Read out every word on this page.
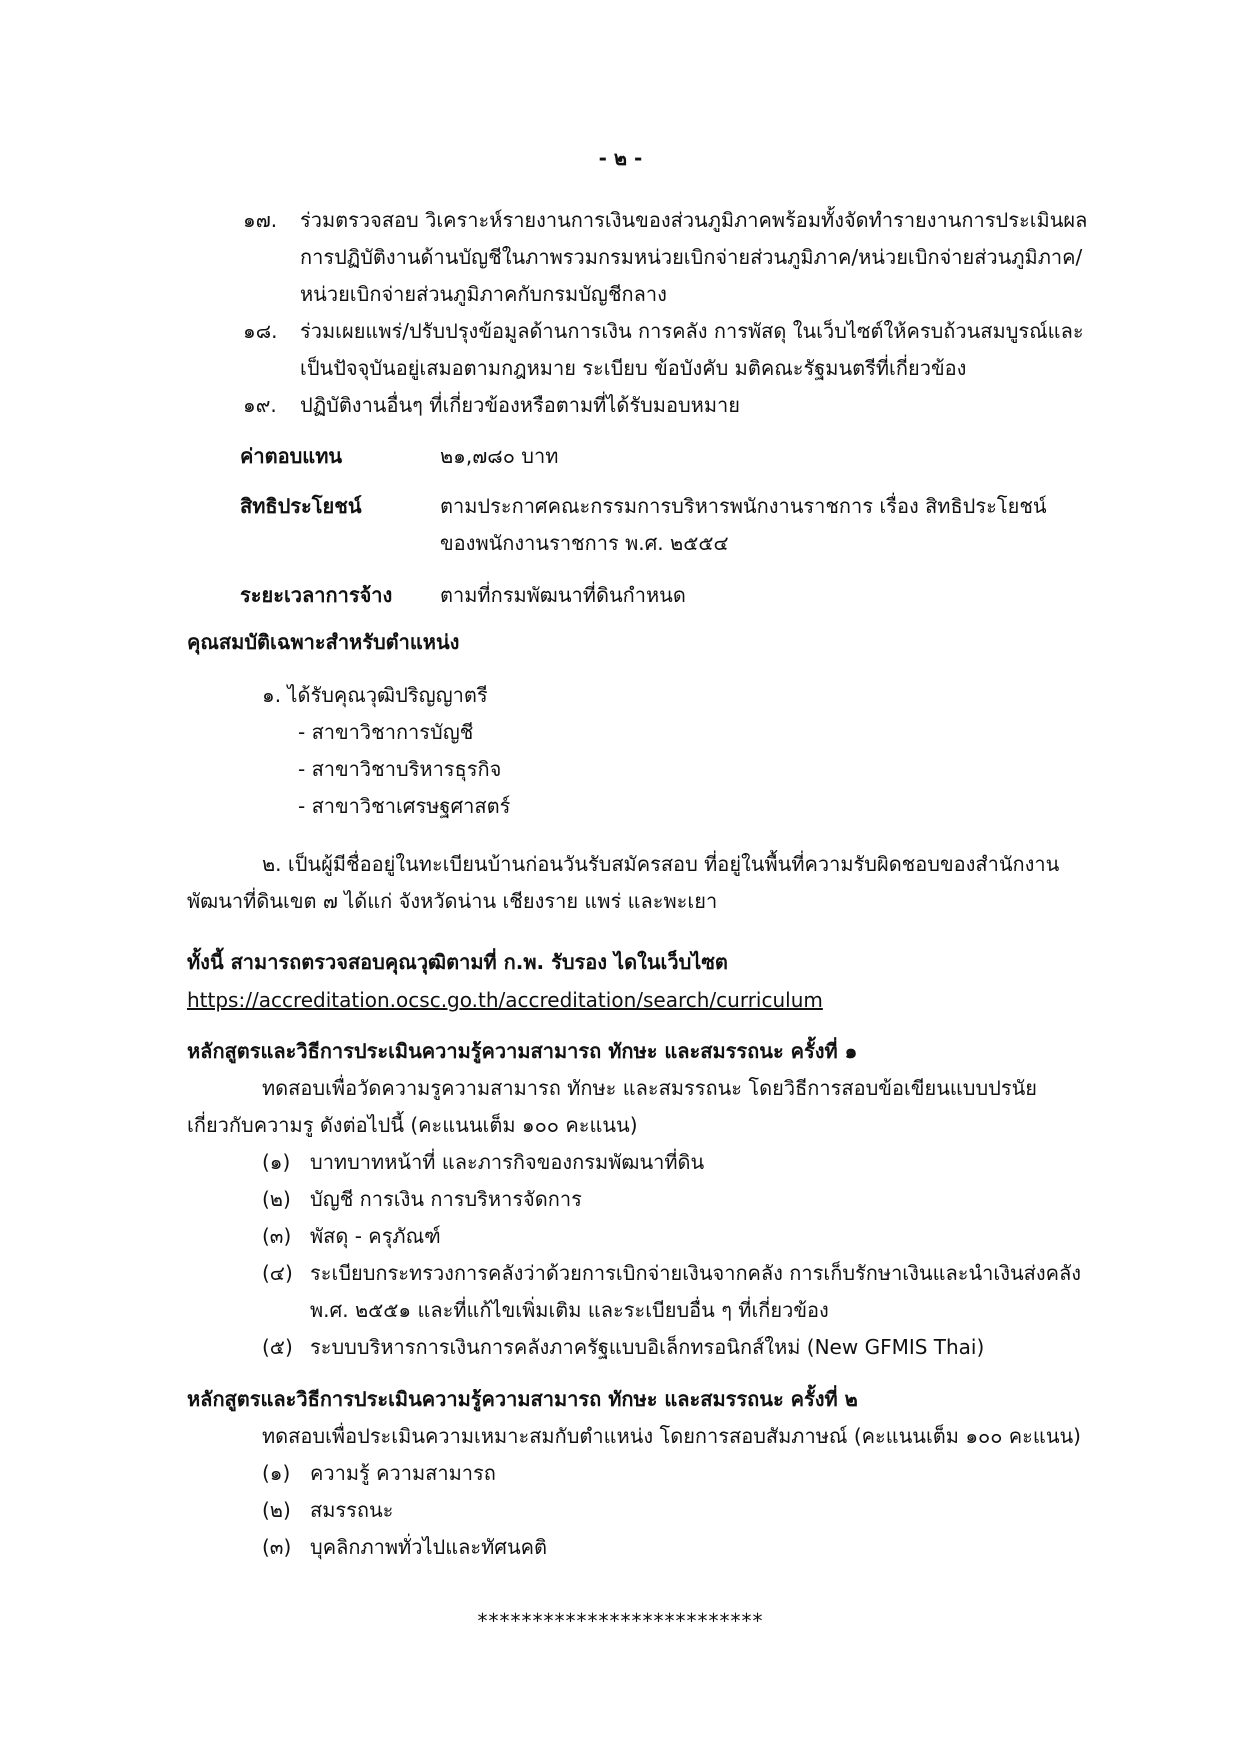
- ๒ -
๑๗. ร่วมตรวจสอบ วิเคราะห์รายงานการเงินของส่วนภูมิภาคพร้อมทั้งจัดทำรายงานการประเมินผล
การปฏิบัติงานด้านบัญชีในภาพรวมกรมหน่วยเบิกจ่ายส่วนภูมิภาค/หน่วยเบิกจ่ายส่วนภูมิภาค/
หน่วยเบิกจ่ายส่วนภูมิภาคกับกรมบัญชีกลาง
๑๘. ร่วมเผยแพร่/ปรับปรุงข้อมูลด้านการเงิน การคลัง การพัสดุ ในเว็บไซต์ให้ครบถ้วนสมบูรณ์และ
เป็นปัจจุบันอยู่เสมอตามกฎหมาย ระเบียบ ข้อบังคับ มติคณะรัฐมนตรีที่เกี่ยวข้อง
๑๙. ปฏิบัติงานอื่นๆ ที่เกี่ยวข้องหรือตามที่ได้รับมอบหมาย
ค่าตอบแทน	๒๑,๗๘๐ บาท
สิทธิประโยชน์	ตามประกาศคณะกรรมการบริหารพนักงานราชการ เรื่อง สิทธิประโยชน์
ของพนักงานราชการ พ.ศ. ๒๕๕๔
ระยะเวลาการจ้าง ตามที่กรมพัฒนาที่ดินกำหนด
คุณสมบัติเฉพาะสำหรับตำแหน่ง
๑. ได้รับคุณวุฒิปริญญาตรี
- สาขาวิชาการบัญชี
- สาขาวิชาบริหารธุรกิจ
- สาขาวิชาเศรษฐศาสตร์
๒. เป็นผู้มีชื่ออยู่ในทะเบียนบ้านก่อนวันรับสมัครสอบ ที่อยู่ในพื้นที่ความรับผิดชอบของสำนักงาน
พัฒนาที่ดินเขต ๗ ได้แก่ จังหวัดน่าน เชียงราย แพร่ และพะเยา
ทั้งนี้ สามารถตรวจสอบคุณวุฒิตามที่ ก.พ. รับรอง ไดในเว็บไซต
https://accreditation.ocsc.go.th/accreditation/search/curriculum
หลักสูตรและวิธีการประเมินความรู้ความสามารถ ทักษะ และสมรรถนะ ครั้งที่ ๑
ทดสอบเพื่อวัดความรูความสามารถ ทักษะ และสมรรถนะ โดยวิธีการสอบข้อเขียนแบบปรนัย
เกี่ยวกับความรู ดังต่อไปนี้ (คะแนนเต็ม ๑๐๐ คะแนน)
(๑) บาทบาทหน้าที่ และภารกิจของกรมพัฒนาที่ดิน
(๒) บัญชี การเงิน การบริหารจัดการ
(๓) พัสดุ - ครุภัณฑ์
(๔) ระเบียบกระทรวงการคลังว่าด้วยการเบิกจ่ายเงินจากคลัง การเก็บรักษาเงินและนำเงินส่งคลัง
พ.ศ. ๒๕๕๑ และที่แก้ไขเพิ่มเติม และระเบียบอื่น ๆ ที่เกี่ยวข้อง
(๕) ระบบบริหารการเงินการคลังภาครัฐแบบอิเล็กทรอนิกส์ใหม่ (New GFMIS Thai)
หลักสูตรและวิธีการประเมินความรู้ความสามารถ ทักษะ และสมรรถนะ ครั้งที่ ๒
ทดสอบเพื่อประเมินความเหมาะสมกับตำแหน่ง โดยการสอบสัมภาษณ์ (คะแนนเต็ม ๑๐๐ คะแนน)
(๑) ความรู้ ความสามารถ
(๒) สมรรถนะ
(๓) บุคลิกภาพทั่วไปและทัศนคติ
**************************
